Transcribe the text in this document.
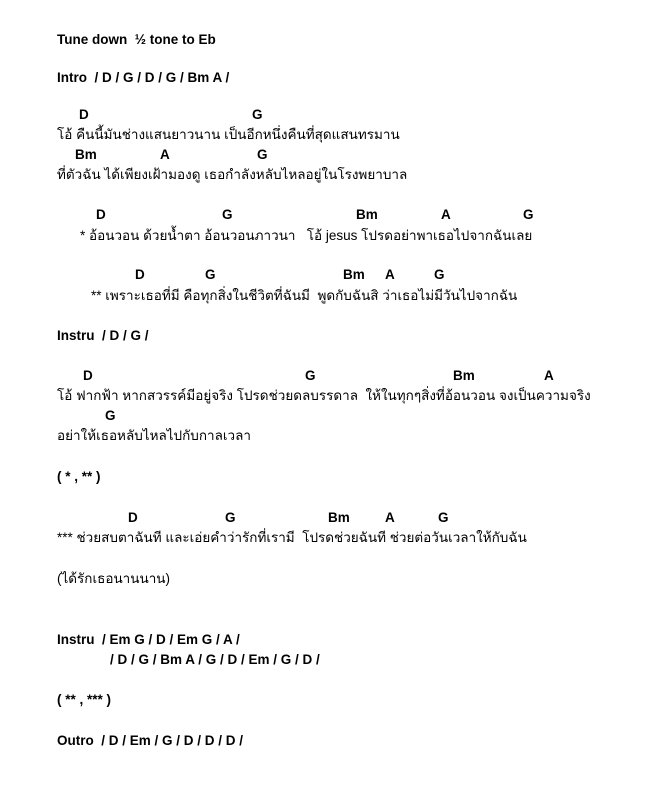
Tune down  ½ tone to Eb
Intro  / D / G / D / G / Bm A /
D	G
โอ้ คืนนี้มันช่างแสนยาวนาน เป็นอีกหนึ่งคืนที่สุดแสนทรมาน
Bm	A	G
ที่ตัวฉัน ได้เพียงเฝ้ามองดู เธอกำลังหลับไหลอยู่ในโรงพยาบาล
D	G	Bm	A	G
* อ้อนวอน ด้วยน้ำตา อ้อนวอนภาวนา   โอ้ jesus โปรดอย่าพาเธอไปจากฉันเลย
D	G	Bm A	G
** เพราะเธอที่มี คือทุกสิ่งในชีวิตที่ฉันมี  พูดกับฉันสิ ว่าเธอไม่มีวันไปจากฉัน
Instru  / D / G /
D	G	Bm	A
โอ้ ฟากฟ้า หากสวรรค์มีอยู่จริง โปรดช่วยดลบรรดาล  ให้ในทุกๆสิ่งที่อ้อนวอน จงเป็นความจริง
G
อย่าให้เธอหลับไหลไปกับกาลเวลา
( * , ** )
D	G	Bm	A	G
*** ช่วยสบตาฉันที และเอ่ยคำว่ารักที่เรามี  โปรดช่วยฉันที ช่วยต่อวันเวลาให้กับฉัน
(ได้รักเธอนานนาน)
Instru  / Em G / D / Em G / A /
/ D / G / Bm A / G / D / Em / G / D /
( ** , *** )
Outro  / D / Em / G / D / D / D /
